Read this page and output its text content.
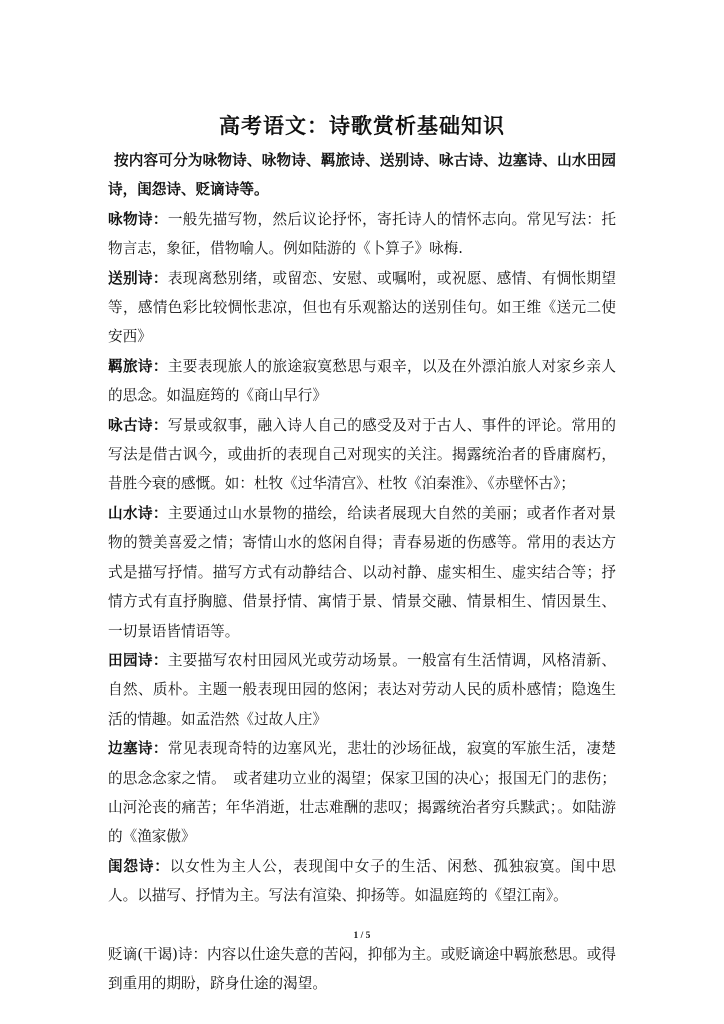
高考语文：诗歌赏析基础知识

按内容可分为咏物诗、咏物诗、羁旅诗、送别诗、咏古诗、边塞诗、山水田园诗，闺怨诗、贬谪诗等。

咏物诗：一般先描写物，然后议论抒怀，寄托诗人的情怀志向。常见写法：托物言志，象征，借物喻人。例如陆游的《卜算子》咏梅.

送别诗：表现离愁别绪，或留恋、安慰、或嘱咐，或祝愿、感情、有惆怅期望等，感情色彩比较惆怅悲凉，但也有乐观豁达的送别佳句。如王维《送元二使安西》

羁旅诗：主要表现旅人的旅途寂寞愁思与艰辛，以及在外漂泊旅人对家乡亲人的思念。如温庭筠的《商山早行》

咏古诗：写景或叙事，融入诗人自己的感受及对于古人、事件的评论。常用的写法是借古讽今，或曲折的表现自己对现实的关注。揭露统治者的昏庸腐朽，昔胜今衰的感慨。如：杜牧《过华清宫》、杜牧《泊秦淮》、《赤壁怀古》；

山水诗：主要通过山水景物的描绘，给读者展现大自然的美丽；或者作者对景物的赞美喜爱之情；寄情山水的悠闲自得；青春易逝的伤感等。常用的表达方式是描写抒情。描写方式有动静结合、以动衬静、虚实相生、虚实结合等；抒情方式有直抒胸臆、借景抒情、寓情于景、情景交融、情景相生、情因景生、一切景语皆情语等。

田园诗：主要描写农村田园风光或劳动场景。一般富有生活情调，风格清新、自然、质朴。主题一般表现田园的悠闲；表达对劳动人民的质朴感情；隐逸生活的情趣。如孟浩然《过故人庄》

边塞诗：常见表现奇特的边塞风光，悲壮的沙场征战，寂寞的军旅生活，凄楚的思念念家之情。　或者建功立业的渴望；保家卫国的决心；报国无门的悲伤；山河沦丧的痛苦；年华消逝，壮志难酬的悲叹；揭露统治者穷兵黩武；。如陆游的《渔家傲》

闺怨诗：以女性为主人公，表现闺中女子的生活、闲愁、孤独寂寞。闺中思人。以描写、抒情为主。写法有渲染、抑扬等。如温庭筠的《望江南》。

贬谪(干谒)诗：内容以仕途失意的苦闷，抑郁为主。或贬谪途中羁旅愁思。或得到重用的期盼，跻身仕途的渴望。

1 / 5
